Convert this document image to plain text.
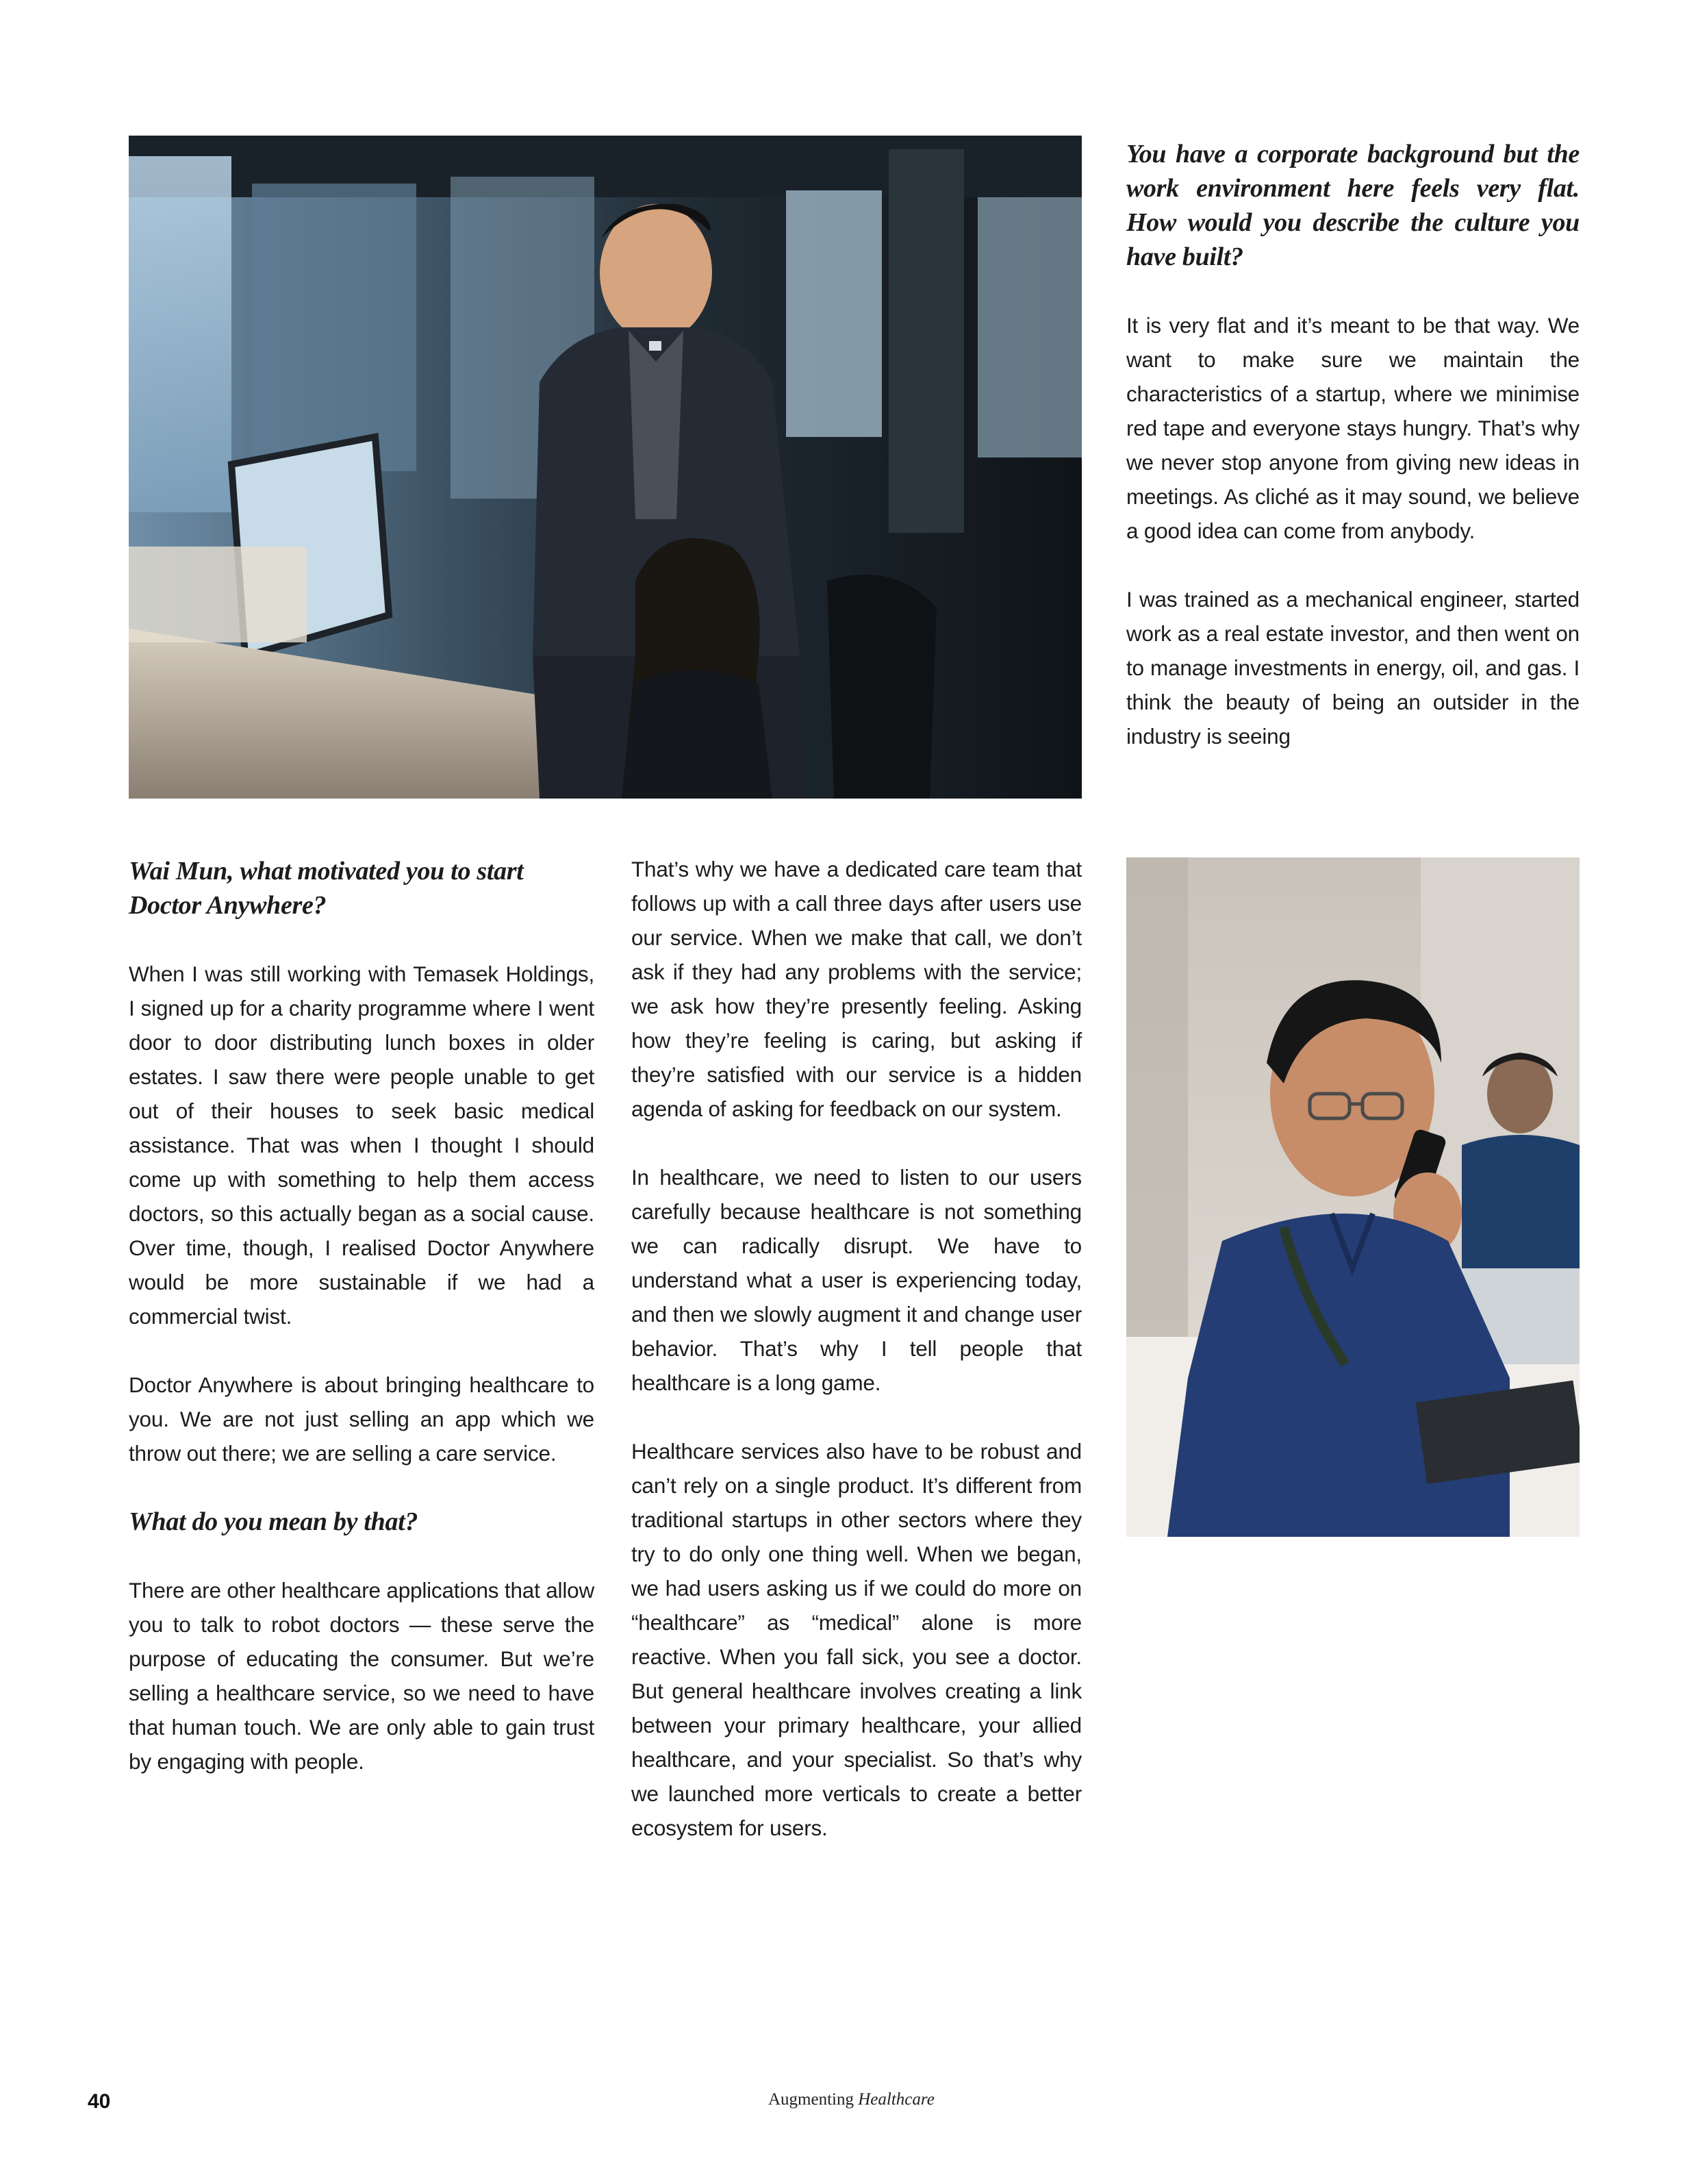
You have a corporate background but the work environment here feels very flat. How would you describe the culture you have built?

It is very flat and it’s meant to be that way. We want to make sure we maintain the characteristics of a startup, where we minimise red tape and everyone stays hungry. That’s why we never stop anyone from giving new ideas in meetings. As cliché as it may sound, we believe a good idea can come from anybody.

I was trained as a mechanical engineer, started work as a real estate investor, and then went on to manage investments in energy, oil, and gas. I think the beauty of being an outsider in the industry is seeing

Wai Mun, what motivated you to start Doctor Anywhere?

When I was still working with Temasek Holdings, I signed up for a charity programme where I went door to door distributing lunch boxes in older estates. I saw there were people unable to get out of their houses to seek basic medical assistance. That was when I thought I should come up with something to help them access doctors, so this actually began as a social cause. Over time, though, I realised Doctor Anywhere would be more sustainable if we had a commercial twist.

Doctor Anywhere is about bringing healthcare to you. We are not just selling an app which we throw out there; we are selling a care service.

What do you mean by that?

There are other healthcare applications that allow you to talk to robot doctors — these serve the purpose of educating the consumer. But we’re selling a healthcare service, so we need to have that human touch. We are only able to gain trust by engaging with people.

That’s why we have a dedicated care team that follows up with a call three days after users use our service. When we make that call, we don’t ask if they had any problems with the service; we ask how they’re presently feeling. Asking how they’re feeling is caring, but asking if they’re satisfied with our service is a hidden agenda of asking for feedback on our system.

In healthcare, we need to listen to our users carefully because healthcare is not something we can radically disrupt. We have to understand what a user is experiencing today, and then we slowly augment it and change user behavior. That’s why I tell people that healthcare is a long game.

Healthcare services also have to be robust and can’t rely on a single product. It’s different from traditional startups in other sectors where they try to do only one thing well. When we began, we had users asking us if we could do more on “healthcare” as “medical” alone is more reactive. When you fall sick, you see a doctor. But general healthcare involves creating a link between your primary healthcare, your allied healthcare, and your specialist. So that’s why we launched more verticals to create a better ecosystem for users.

40	Augmenting Healthcare
